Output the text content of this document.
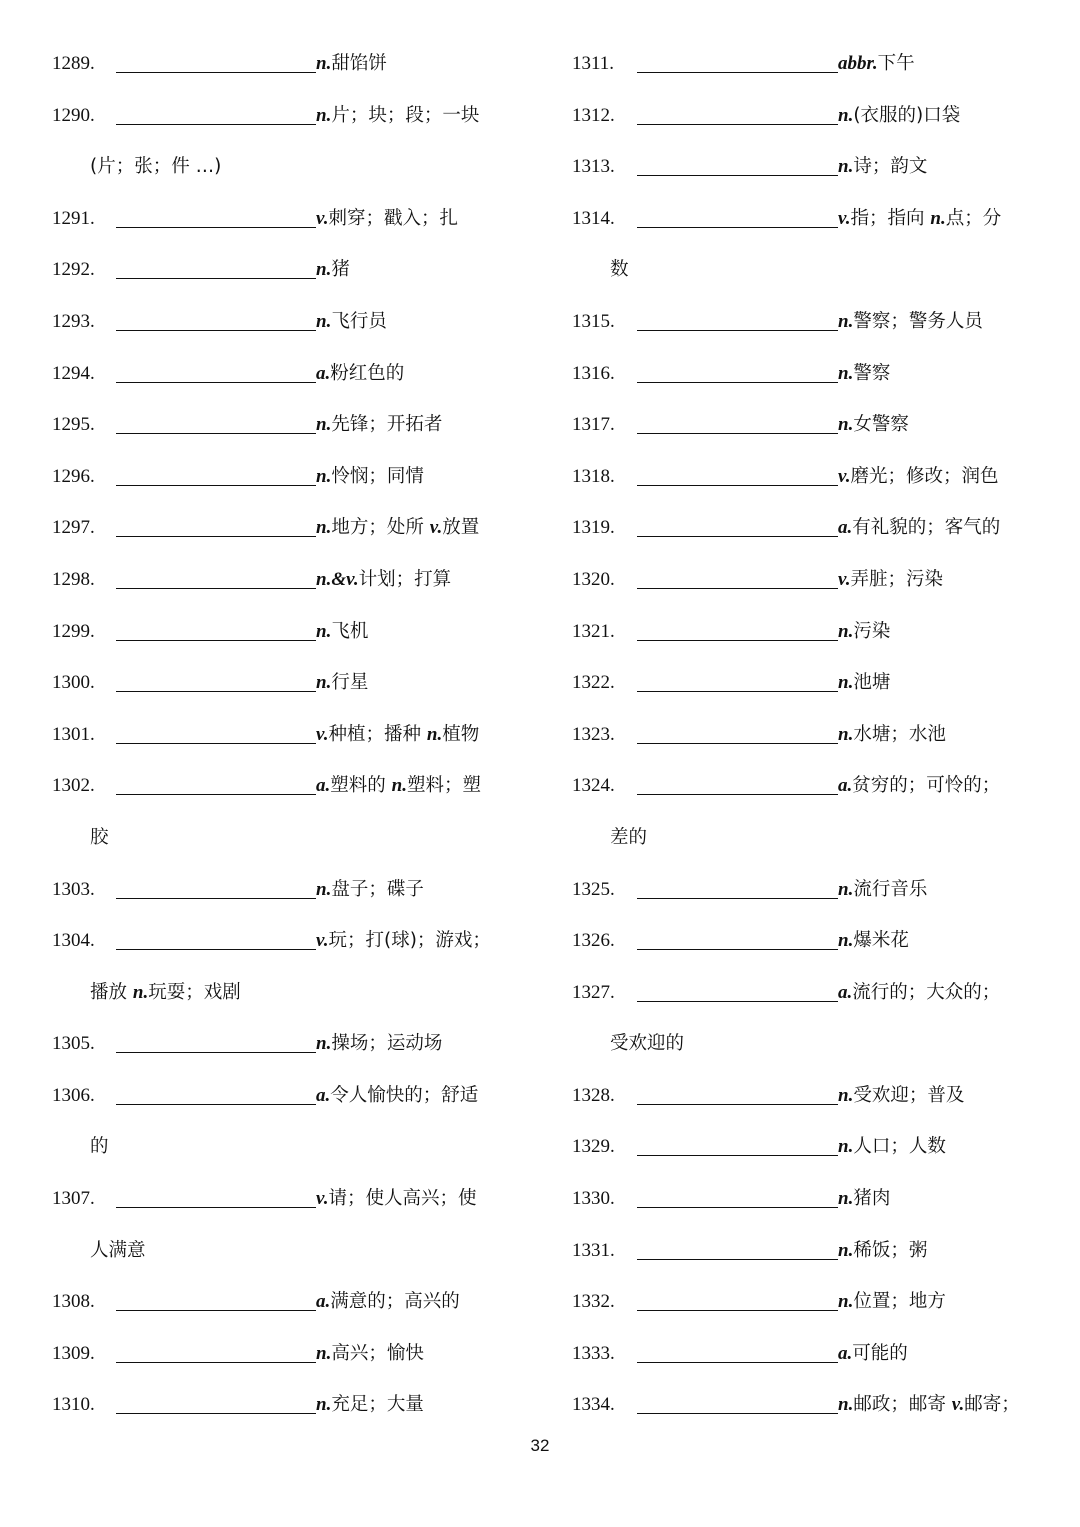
1289.	n.甜馅饼
1290.	n.片；块；段；一块
(片；张；件 …)
1291.	v.刺穿；戳入；扎
1292.	n.猪
1293.	n.飞行员
1294.	a.粉红色的
1295.	n.先锋；开拓者
1296.	n.怜悯；同情
1297.	n.地方；处所 v.放置
1298.	n.&v.计划；打算
1299.	n.飞机
1300.	n.行星
1301.	v.种植；播种 n.植物
1302.	a.塑料的 n.塑料；塑
胶
1303.	n.盘子；碟子
1304.	v.玩；打(球)；游戏；
播放 n.玩耍；戏剧
1305.	n.操场；运动场
1306.	a.令人愉快的；舒适
的
1307.	v.请；使人高兴；使
人满意
1308.	a.满意的；高兴的
1309.	n.高兴；愉快
1310.	n.充足；大量
1311.	abbr.下午
1312.	n.(衣服的)口袋
1313.	n.诗；韵文
1314.	v.指；指向 n.点；分
数
1315.	n.警察；警务人员
1316.	n.警察
1317.	n.女警察
1318.	v.磨光；修改；润色
1319.	a.有礼貌的；客气的
1320.	v.弄脏；污染
1321.	n.污染
1322.	n.池塘
1323.	n.水塘；水池
1324.	a.贫穷的；可怜的；
差的
1325.	n.流行音乐
1326.	n.爆米花
1327.	a.流行的；大众的；
受欢迎的
1328.	n.受欢迎；普及
1329.	n.人口；人数
1330.	n.猪肉
1331.	n.稀饭；粥
1332.	n.位置；地方
1333.	a.可能的
1334.	n.邮政；邮寄 v.邮寄；
32
